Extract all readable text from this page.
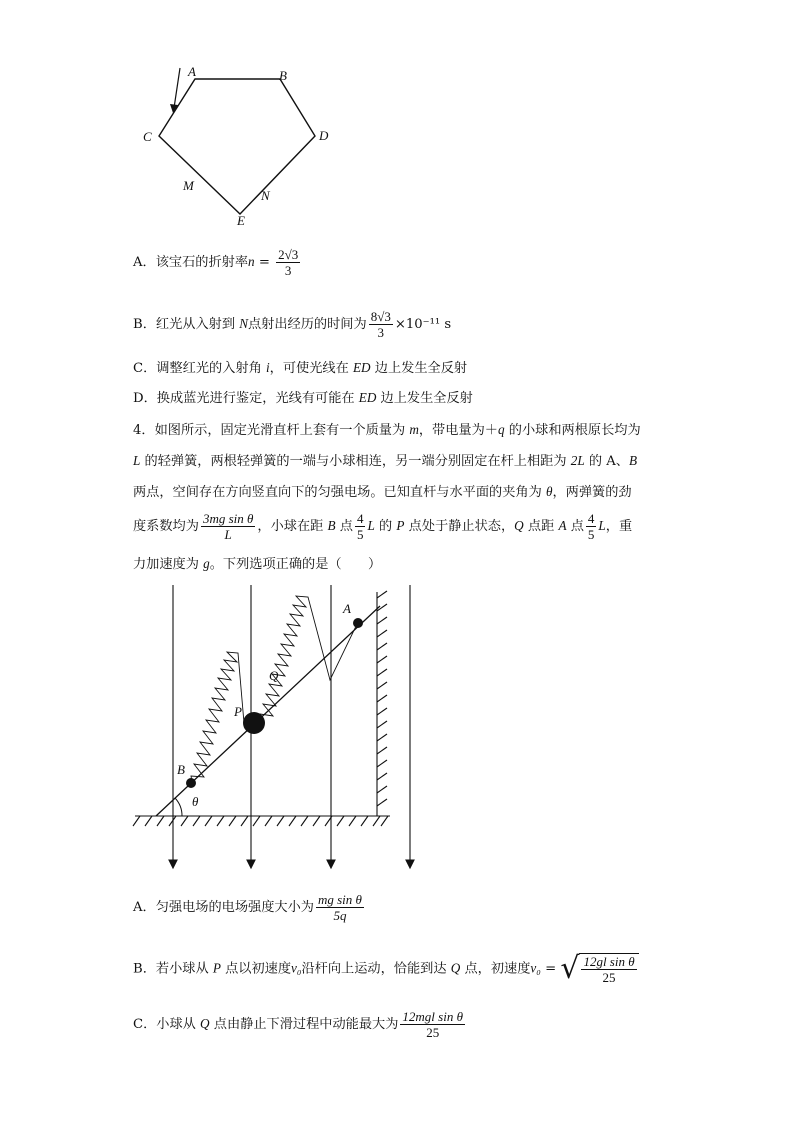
A	B
C	D
M
N
E
A．该宝石的折射率$n = \frac{2√3}{3}$
B．红光从入射到 N点射出经历的时间为 $\frac{8√3}{3} \times 10^{-11}$ s
C．调整红光的入射角 i，可使光线在 ED 边上发生全反射
D．换成蓝光进行鉴定，光线有可能在 ED 边上发生全反射
4．如图所示，固定光滑直杆上套有一个质量为 m，带电量为＋q 的小球和两根原长均为
L 的轻弹簧，两根轻弹簧的一端与小球相连，另一端分别固定在杆上相距为 2L 的 A、B
两点，空间存在方向竖直向下的匀强电场。已知直杆与水平面的夹角为 θ，两弹簧的劲
度系数均为 $\frac{\text{3mg sin θ}}{L}$ ，小球在距 B 点 $\frac{4}{5}$ L 的 P 点处于静止状态，Q 点距 A 点 $\frac{4}{5}$ L，重
力加速度为 g。下列选项正确的是（　　）
A
Q
P
B
θ
A．匀强电场的电场强度大小为 $\frac{\text{mg sin θ}}{5q}$
B．若小球从 P 点以初速度v₀沿杆向上运动，恰能到达 Q 点，初速度v₀ = √ $\frac{\text{12gl sin θ}}{25}$
C．小球从 Q 点由静止下滑过程中动能最大为 $\frac{\text{12mgl sin θ}}{25}$
